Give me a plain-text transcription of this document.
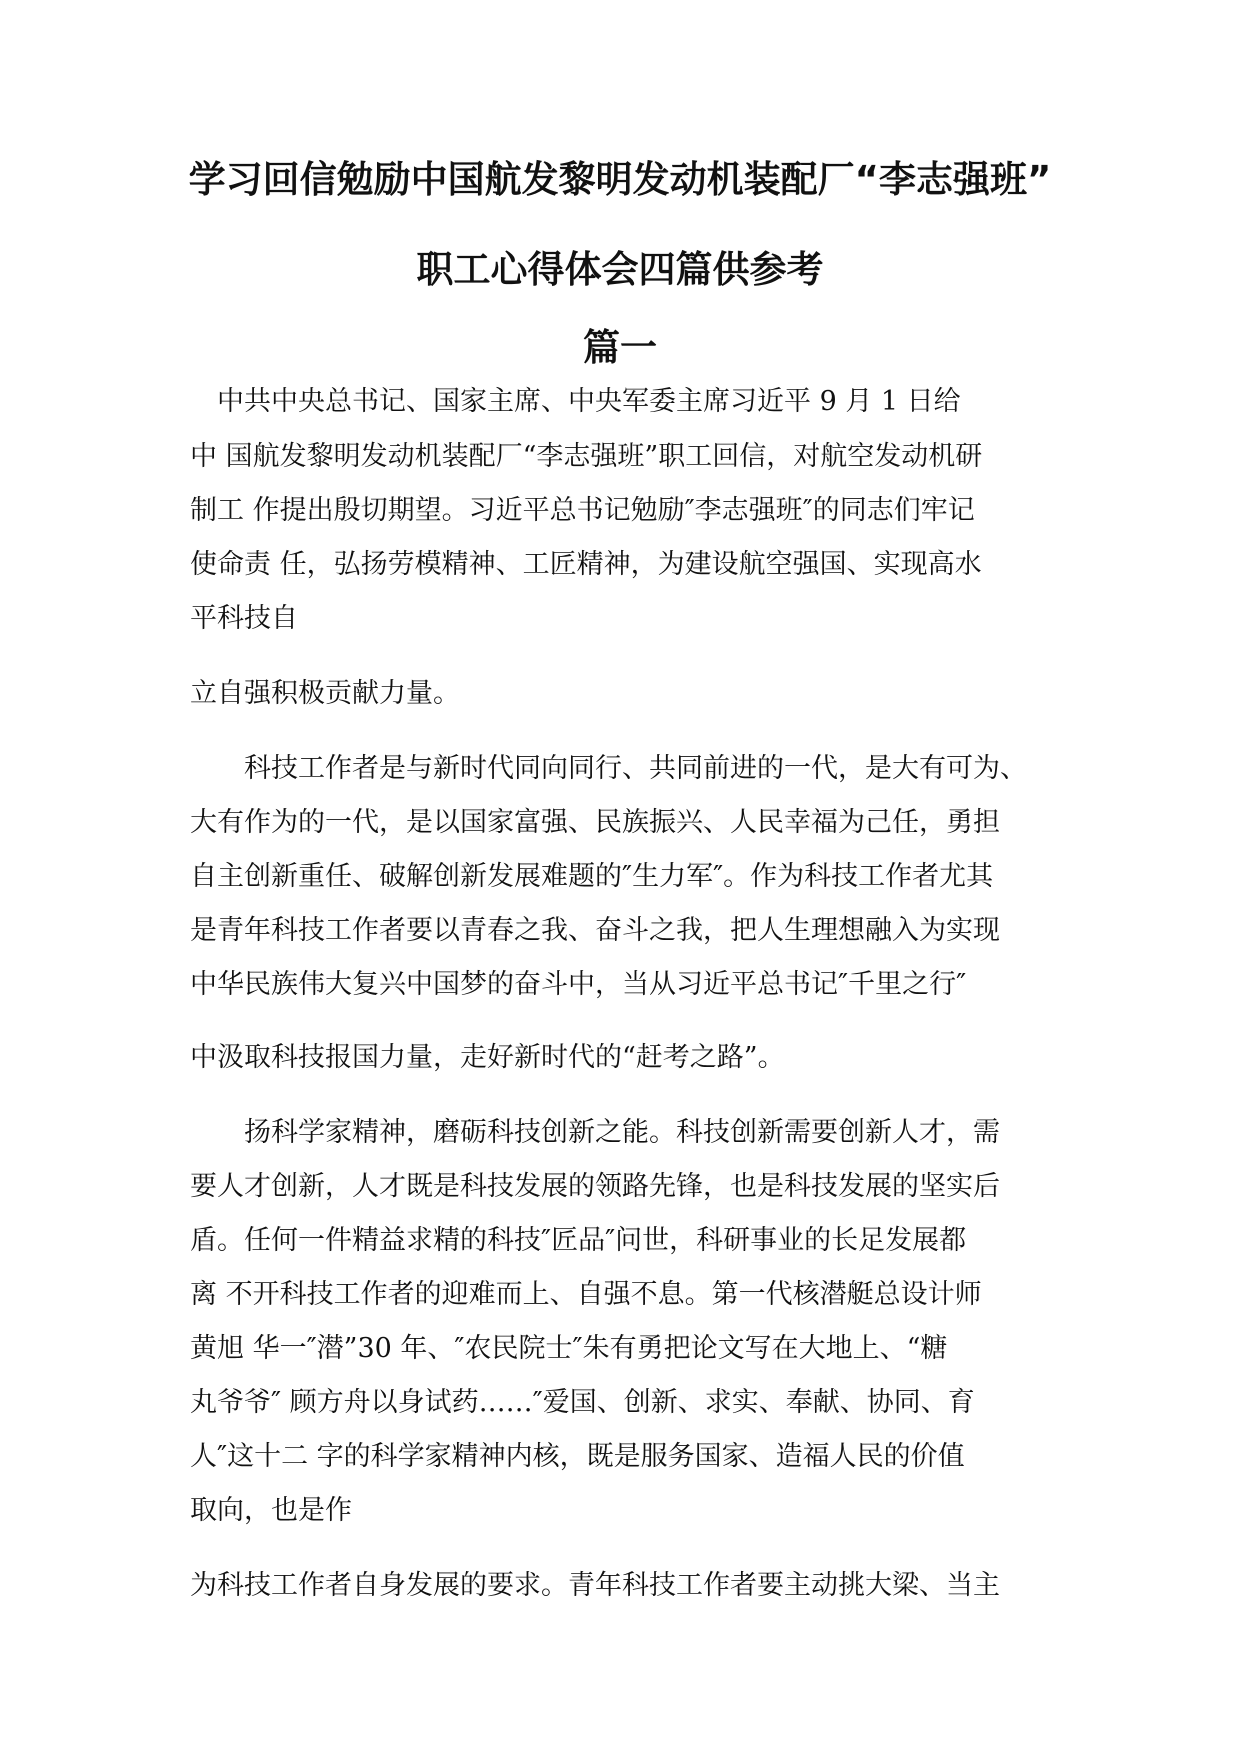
学习回信勉励中国航发黎明发动机装配厂“李志强班”
职工心得体会四篇供参考
篇一

　中共中央总书记、国家主席、中央军委主席习近平 9 月 1 日给

中 国航发黎明发动机装配厂“李志强班”职工回信，对航空发动机研

制工 作提出殷切期望。习近平总书记勉励″李志强班″的同志们牢记

使命责 任，弘扬劳模精神、工匠精神，为建设航空强国、实现高水

平科技自

立自强积极贡献力量。

　　科技工作者是与新时代同向同行、共同前进的一代，是大有可为、

大有作为的一代，是以国家富强、民族振兴、人民幸福为己任，勇担

自主创新重任、破解创新发展难题的″生力军″。作为科技工作者尤其

是青年科技工作者要以青春之我、奋斗之我，把人生理想融入为实现

中华民族伟大复兴中国梦的奋斗中，当从习近平总书记″千里之行″

中汲取科技报国力量，走好新时代的“赶考之路”。

　　扬科学家精神，磨砺科技创新之能。科技创新需要创新人才，需

要人才创新，人才既是科技发展的领路先锋，也是科技发展的坚实后

盾。任何一件精益求精的科技″匠品″问世，科研事业的长足发展都

离 不开科技工作者的迎难而上、自强不息。第一代核潜艇总设计师

黄旭 华一″潜”30 年、″农民院士″朱有勇把论文写在大地上、“糖

丸爷爷″ 顾方舟以身试药……″爱国、创新、求实、奉献、协同、育

人″这十二 字的科学家精神内核，既是服务国家、造福人民的价值

取向，也是作

为科技工作者自身发展的要求。青年科技工作者要主动挑大梁、当主
